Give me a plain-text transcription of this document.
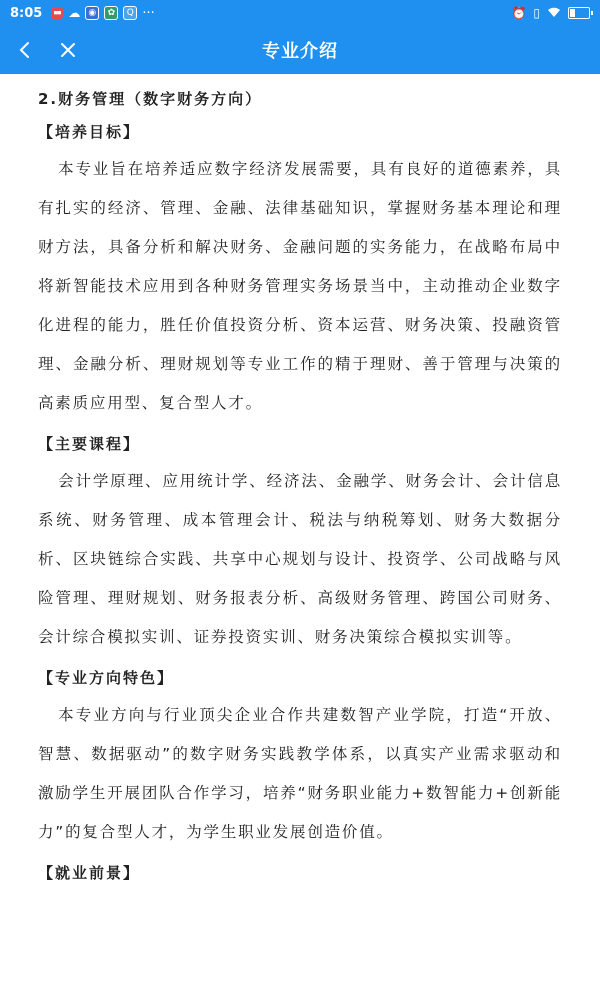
8:05 ▬ ☁ ◉	✿	Q ···	⏰ ▯
专业介绍
2.财务管理（数字财务方向）
【培养目标】

本专业旨在培养适应数字经济发展需要，具有良好的道德素养，具有扎实的经济、管理、金融、法律基础知识，掌握财务基本理论和理财方法，具备分析和解决财务、金融问题的实务能力，在战略布局中将新智能技术应用到各种财务管理实务场景当中，主动推动企业数字化进程的能力，胜任价值投资分析、资本运营、财务决策、投融资管理、金融分析、理财规划等专业工作的精于理财、善于管理与决策的高素质应用型、复合型人才。

【主要课程】

会计学原理、应用统计学、经济法、金融学、财务会计、会计信息系统、财务管理、成本管理会计、税法与纳税筹划、财务大数据分析、区块链综合实践、共享中心规划与设计、投资学、公司战略与风险管理、理财规划、财务报表分析、高级财务管理、跨国公司财务、会计综合模拟实训、证券投资实训、财务决策综合模拟实训等。

【专业方向特色】

本专业方向与行业顶尖企业合作共建数智产业学院，打造“开放、智慧、数据驱动”的数字财务实践教学体系，以真实产业需求驱动和激励学生开展团队合作学习，培养“财务职业能力+数智能力+创新能力”的复合型人才，为学生职业发展创造价值。

【就业前景】
